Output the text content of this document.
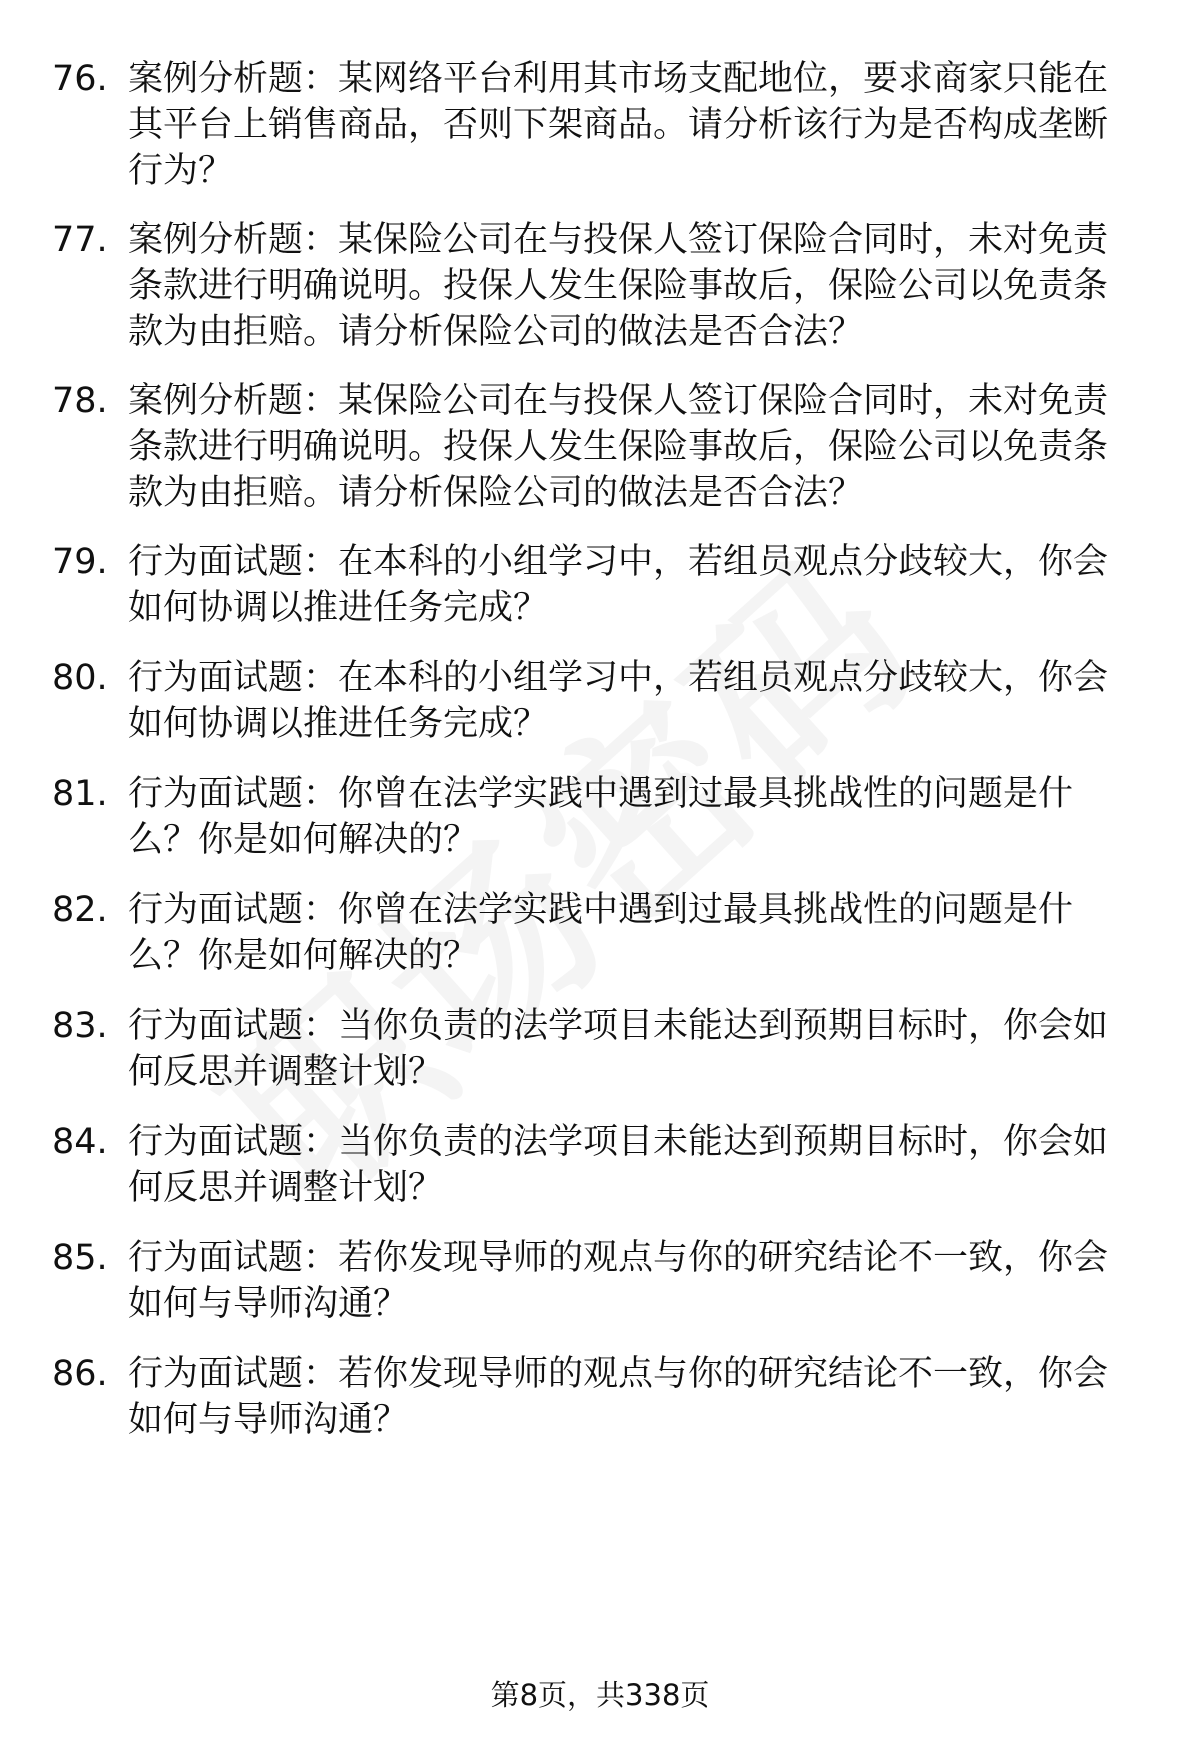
76. 案例分析题：某网络平台利用其市场支配地位，要求商家只能在
其平台上销售商品，否则下架商品。请分析该行为是否构成垄断
行为？
77. 案例分析题：某保险公司在与投保人签订保险合同时，未对免责
条款进行明确说明。投保人发生保险事故后，保险公司以免责条
款为由拒赔。请分析保险公司的做法是否合法？
78. 案例分析题：某保险公司在与投保人签订保险合同时，未对免责
条款进行明确说明。投保人发生保险事故后，保险公司以免责条
款为由拒赔。请分析保险公司的做法是否合法？
79. 行为面试题：在本科的小组学习中，若组员观点分歧较大，你会
如何协调以推进任务完成？
80. 行为面试题：在本科的小组学习中，若组员观点分歧较大，你会
如何协调以推进任务完成？
81. 行为面试题：你曾在法学实践中遇到过最具挑战性的问题是什
么？你是如何解决的？
82. 行为面试题：你曾在法学实践中遇到过最具挑战性的问题是什
么？你是如何解决的？
83. 行为面试题：当你负责的法学项目未能达到预期目标时，你会如
何反思并调整计划？
84. 行为面试题：当你负责的法学项目未能达到预期目标时，你会如
何反思并调整计划？
85. 行为面试题：若你发现导师的观点与你的研究结论不一致，你会
如何与导师沟通？
86. 行为面试题：若你发现导师的观点与你的研究结论不一致，你会
如何与导师沟通？
第8页，共338页
